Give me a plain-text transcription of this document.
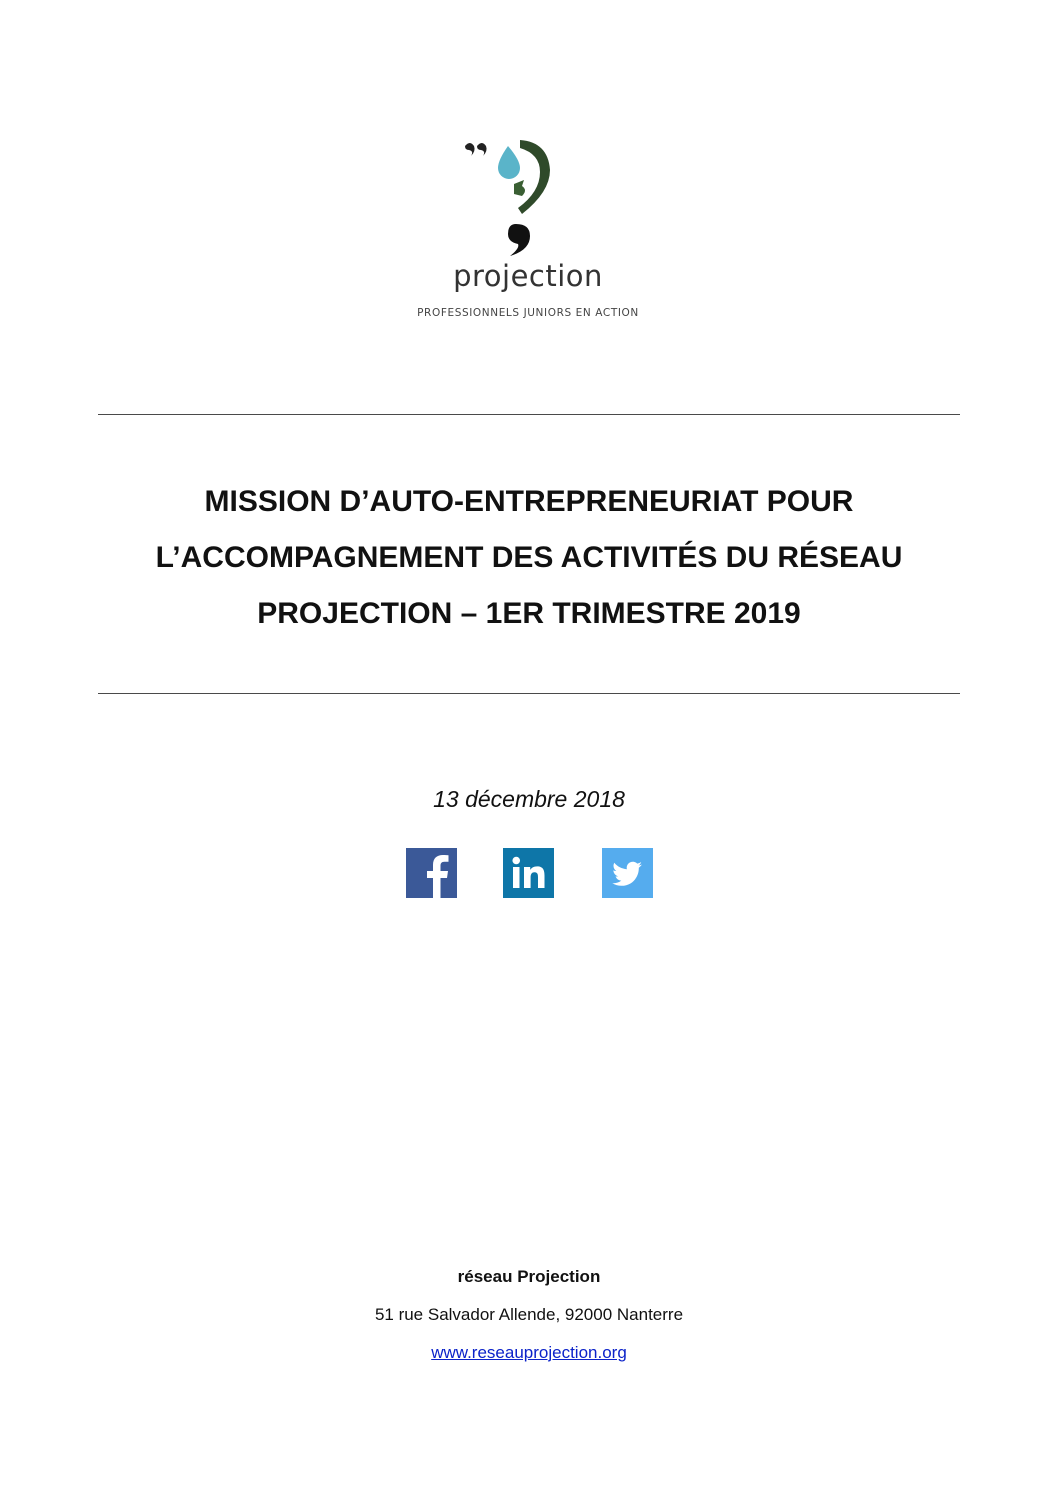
projection
PROFESSIONNELS JUNIORS EN ACTION
MISSION D’AUTO-ENTREPRENEURIAT POUR
L’ACCOMPAGNEMENT DES ACTIVITÉS DU RÉSEAU
PROJECTION – 1ER TRIMESTRE 2019
13 décembre 2018
réseau Projection
51 rue Salvador Allende, 92000 Nanterre
www.reseauprojection.org
